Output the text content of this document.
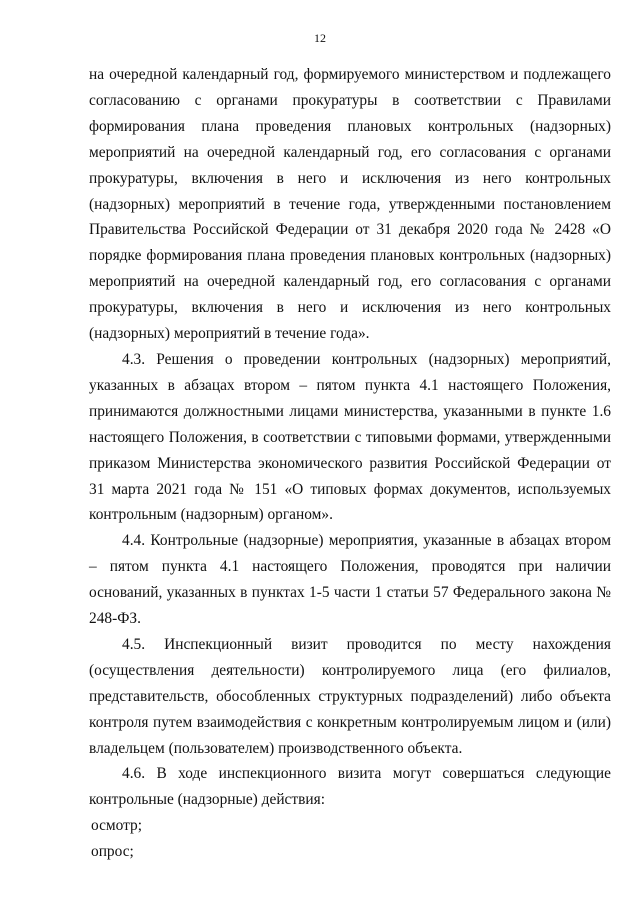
12

на очередной календарный год, формируемого министерством и подлежащего согласованию с органами прокуратуры в соответствии с Правилами формирования плана проведения плановых контрольных (надзорных) мероприятий на очередной календарный год, его согласования с органами прокуратуры, включения в него и исключения из него контрольных (надзорных) мероприятий в течение года, утвержденными постановлением Правительства Российской Федерации от 31 декабря 2020 года № 2428 «О порядке формирования плана проведения плановых контрольных (надзорных) мероприятий на очередной календарный год, его согласования с органами прокуратуры, включения в него и исключения из него контрольных (надзорных) мероприятий в течение года».

4.3. Решения о проведении контрольных (надзорных) мероприятий, указанных в абзацах втором – пятом пункта 4.1 настоящего Положения, принимаются должностными лицами министерства, указанными в пункте 1.6 настоящего Положения, в соответствии с типовыми формами, утвержденными приказом Министерства экономического развития Российской Федерации от 31 марта 2021 года № 151 «О типовых формах документов, используемых контрольным (надзорным) органом».

4.4. Контрольные (надзорные) мероприятия, указанные в абзацах втором – пятом пункта 4.1 настоящего Положения, проводятся при наличии оснований, указанных в пунктах 1-5 части 1 статьи 57 Федерального закона № 248-ФЗ.

4.5. Инспекционный визит проводится по месту нахождения (осуществления деятельности) контролируемого лица (его филиалов, представительств, обособленных структурных подразделений) либо объекта контроля путем взаимодействия с конкретным контролируемым лицом и (или) владельцем (пользователем) производственного объекта.

4.6. В ходе инспекционного визита могут совершаться следующие контрольные (надзорные) действия:

осмотр;

опрос;
